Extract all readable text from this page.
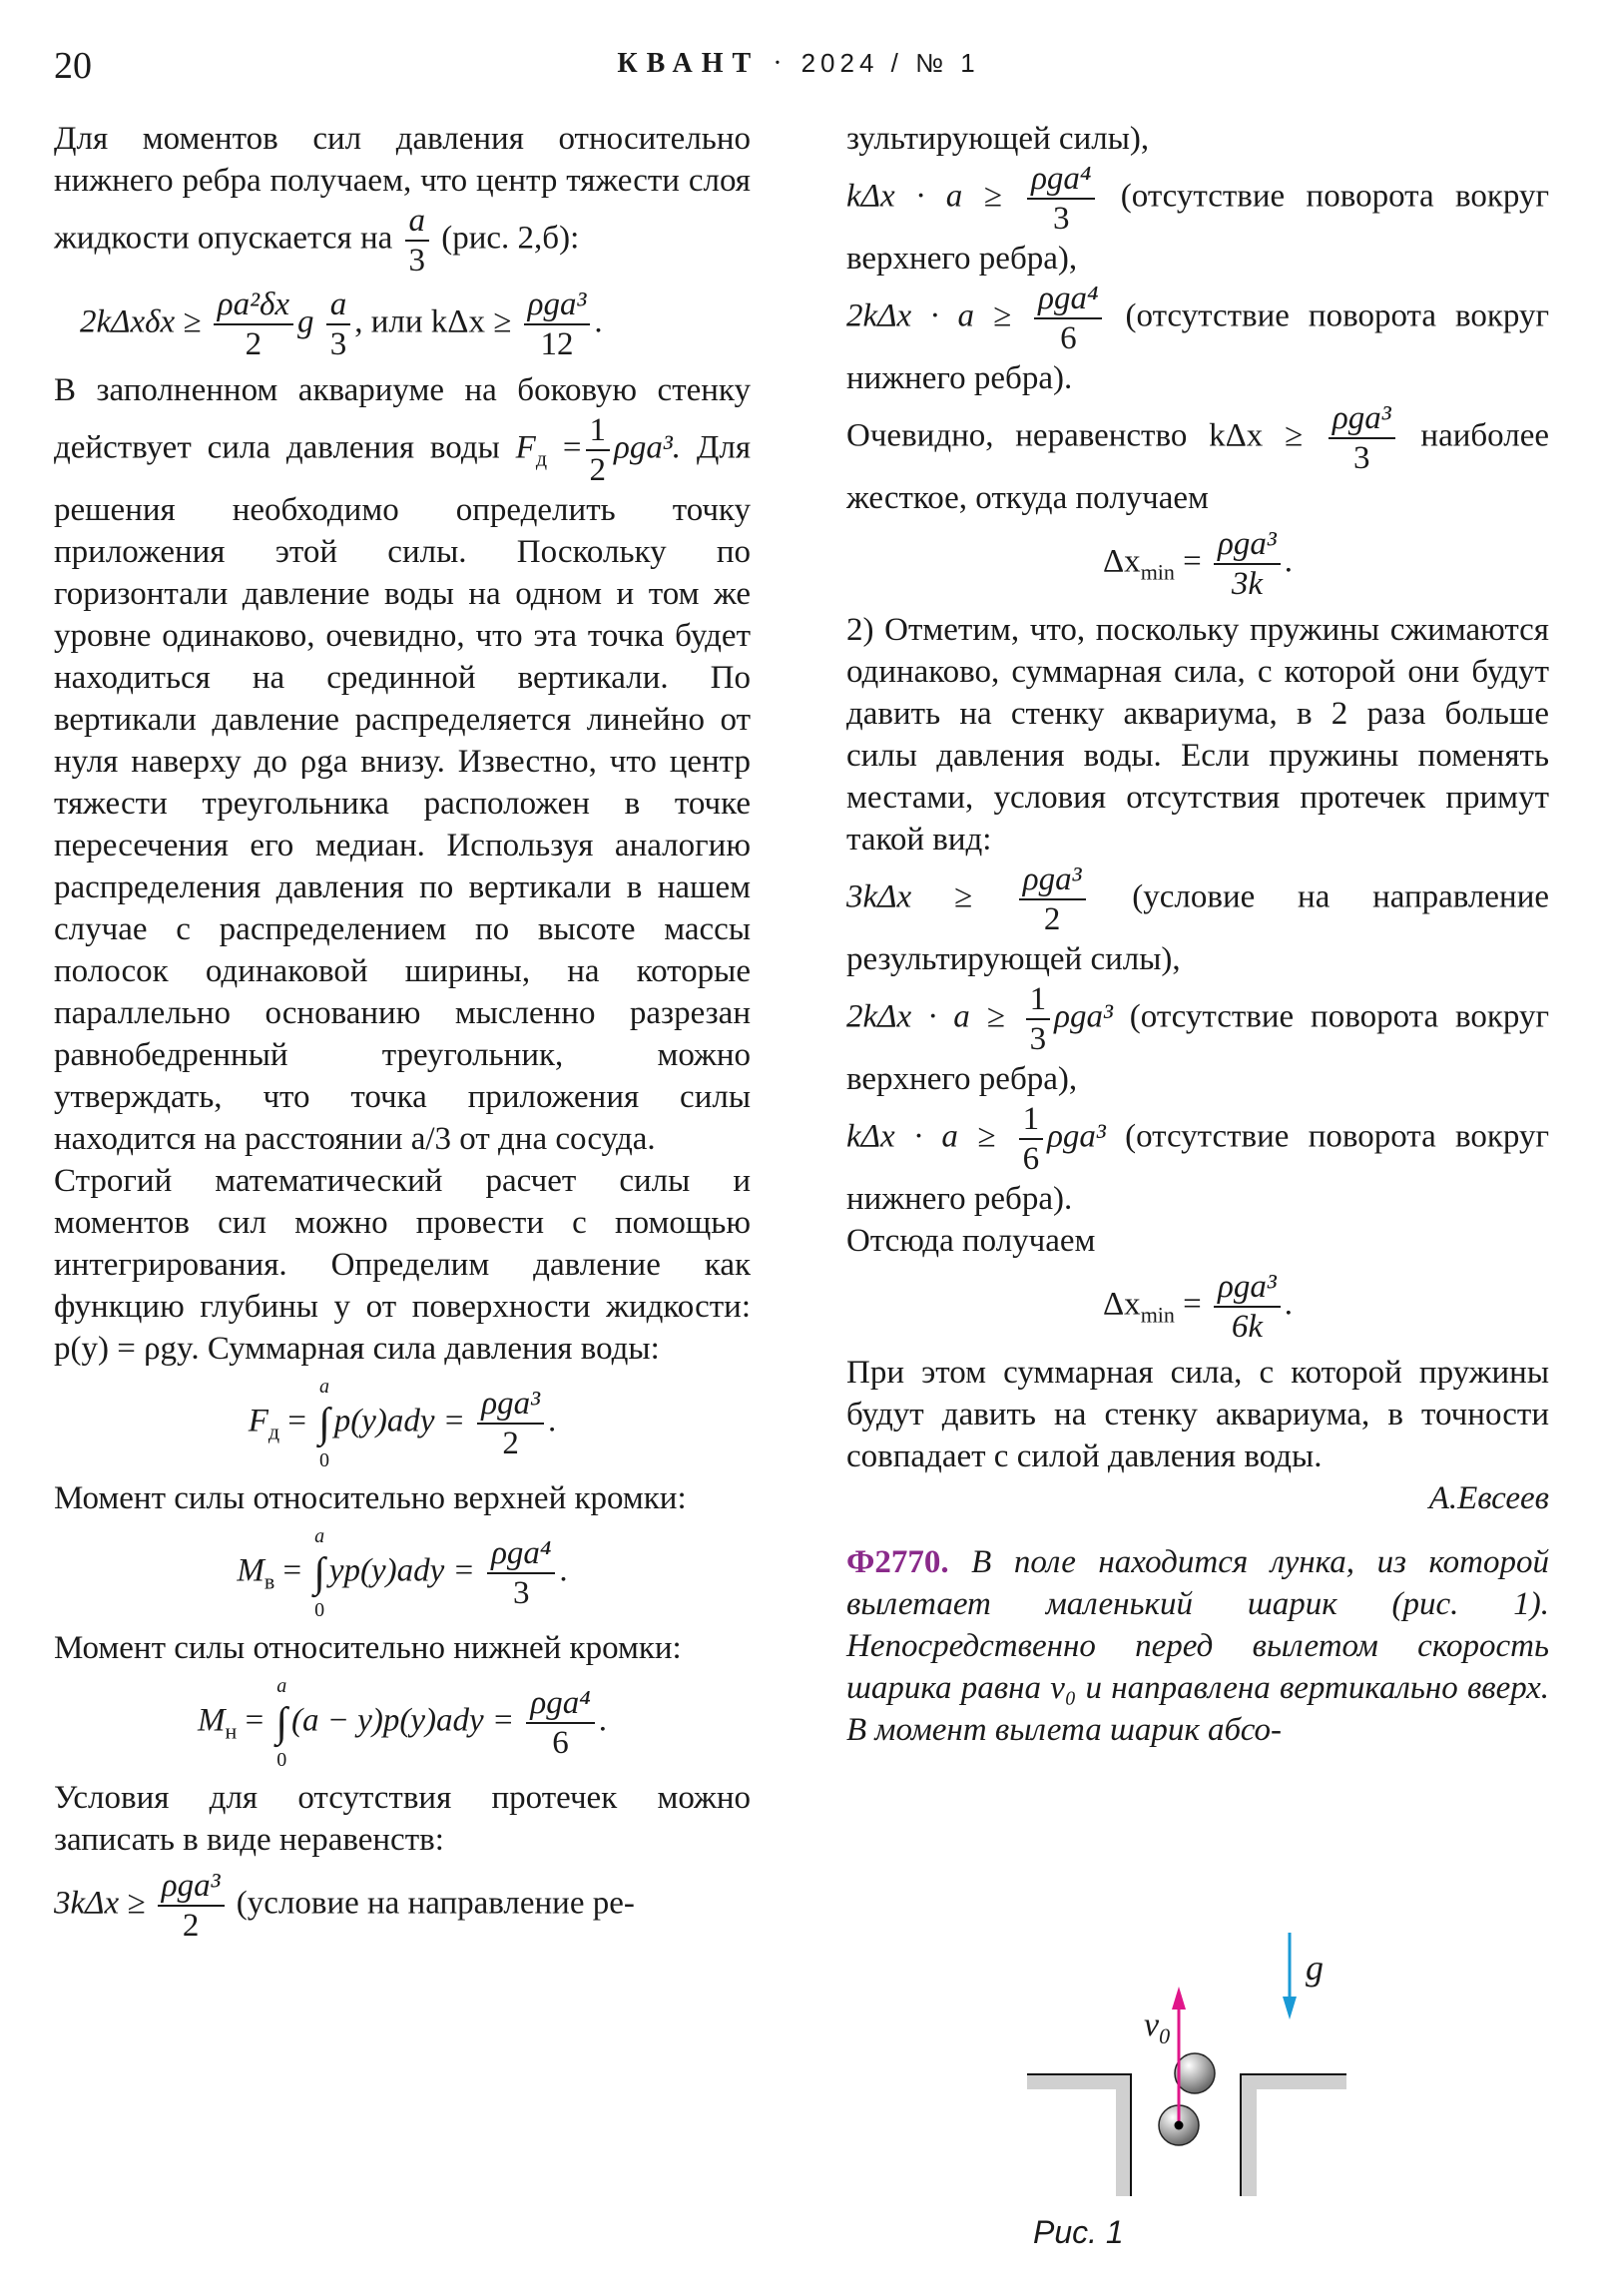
20	КВАНТ · 2024 / № 1

Для моментов сил давления относительно нижнего ребра получаем, что центр тяжести слоя жидкости опускается на $\frac{a}{3} (рис$. 2,б):

$2k\Delta x\delta x \ge \frac{\text{ρa²δx}}{2}$ g $\frac{a}{3}$ , или $k\Delta x \ge \frac{\text{ρga³}}{12}$ .

В заполненном аквариуме на боковую стенку действует сила давления воды $F_д = \frac{1}{2} \rho ga^3$. Для решения необходимо определить точку приложения этой силы. Поскольку по горизонтали давление воды на одном и том же уровне одинаково, очевидно, что эта точка будет находиться на срединной вертикали. По вертикали давление распределяется линейно от нуля наверху до ρga внизу. Известно, что центр тяжести треугольника расположен в точке пересечения его медиан. Используя аналогию распределения давления по вертикали в нашем случае с распределением по высоте массы полосок одинаковой ширины, на которые параллельно основанию мысленно разрезан равнобедренный треугольник, можно утверждать, что точка приложения силы находится на расстоянии a/3 от дна сосуда.

Строгий математический расчет силы и моментов сил можно провести с помощью интегрирования. Определим давление как функцию глубины y от поверхности жидкости: p(y) = ρgy. Суммарная сила давления воды:

$F_д$ =
a
∫
0
$p(y)ady = \frac{\text{ρga³}}{2}$ .

Момент силы относительно верхней кромки:

$M_в$ =
a
∫
0
$yp(y)ady = \frac{\text{ρga⁴}}{3}$ .

Момент силы относительно нижней кромки:

$M_н$ =
a
∫
0
$(a - y)p(y)ady = \frac{\text{ρga⁴}}{6}$ .

Условия для отсутствия протечек можно записать в виде неравенств:

$3k\Delta x \ge \frac{\text{ρga³}}{2}$ (условие на направление ре-

зультирующей силы),

$k\Delta x \cdot a \ge \frac{\text{ρga⁴}}{3}$ (отсутствие поворота вокруг верхнего ребра),

$2k\Delta x \cdot a \ge \frac{\text{ρga⁴}}{6}$ (отсутствие поворота вокруг нижнего ребра).

Очевидно, неравенство $k\Delta x \ge \frac{\text{ρga³}}{3}$ наиболее жесткое, откуда получаем

$\Delta x_{min} = \frac{\text{ρga³}}{3k}$ .

2) Отметим, что, поскольку пружины сжимаются одинаково, суммарная сила, с которой они будут давить на стенку аквариума, в 2 раза больше силы давления воды. Если пружины поменять местами, условия отсутствия протечек примут такой вид:

$3k\Delta x \ge \frac{\text{ρga³}}{2}$ (условие на направление результирующей силы),

$2k\Delta x \cdot a \ge \frac{1}{3} \rho ga^3$ (отсутствие поворота вокруг верхнего ребра),

$k\Delta x \cdot a \ge \frac{1}{6} \rho ga^3$ (отсутствие поворота вокруг нижнего ребра).

Отсюда получаем

$\Delta x_{min} = \frac{\text{ρga³}}{6k}$ .

При этом суммарная сила, с которой пружины будут давить на стенку аквариума, в точности совпадает с силой давления воды.

А.Евсеев

Ф2770. В поле находится лунка, из которой вылетает маленький шарик (рис. 1). Непосредственно перед вылетом скорость шарика равна v₀ и направлена вертикально вверх. В момент вылета шарик абсо-

g
$v_0$
Рис. 1
